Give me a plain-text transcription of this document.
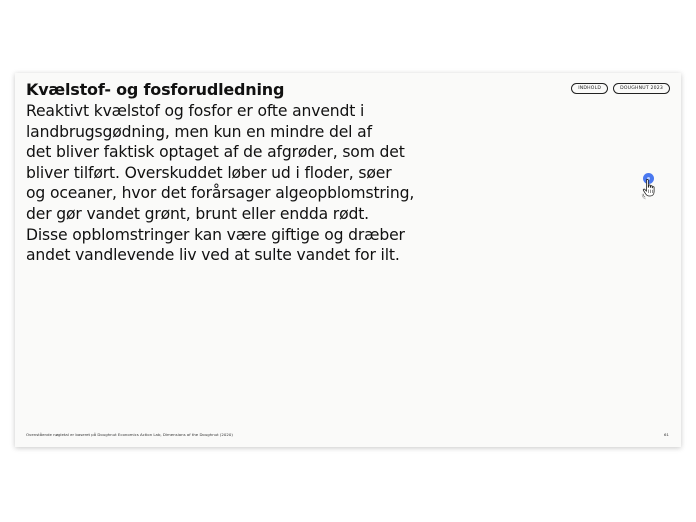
Kvælstof- og fosforudledning	INDHOLD	DOUGHNUT 2023

Reaktivt kvælstof og fosfor er ofte anvendt i
landbrugsgødning, men kun en mindre del af
det bliver faktisk optaget af de afgrøder, som det
bliver tilført. Overskuddet løber ud i floder, søer
og oceaner, hvor det forårsager algeopblomstring,
der gør vandet grønt, brunt eller endda rødt.
Disse opblomstringer kan være giftige og dræber
andet vandlevende liv ved at sulte vandet for ilt.

Ovenstående nøgletal er baseret på Doughnut Economics Action Lab, Dimensions of the Doughnut (2020)	61
